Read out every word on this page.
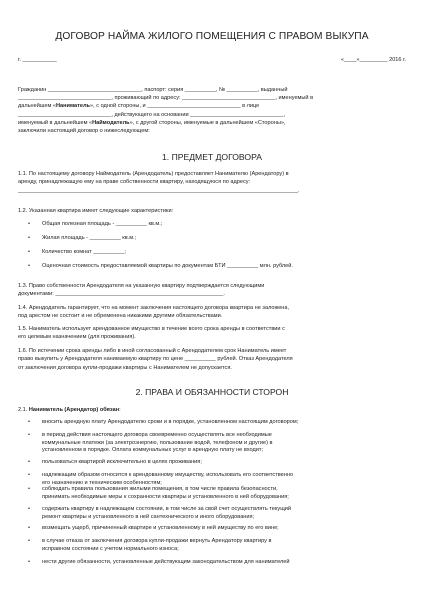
ДОГОВОР НАЙМА ЖИЛОГО ПОМЕЩЕНИЯ С ПРАВОМ ВЫКУПА
г. ___________	«____»_________ 2016 г.
Гражданин ______________________________, паспорт: серия __________, № __________, выданный
______________________________, проживающий по адресу: ______________________________, именуемый в
дальнейшем «Наниматель», с одной стороны, и ______________________________ в лице
______________________________, действующего на основании ______________________________,
именуемый в дальнейшем «Наймодатель», с другой стороны, именуемые в дальнейшем «Стороны»,
заключили настоящий договор о нижеследующем:
1. ПРЕДМЕТ ДОГОВОРА
1.1. По настоящему договору Наймодатель (Арендодатель) предоставляет Нанимателю (Арендатору) в
аренду, принадлежащую ему на праве собственности квартиру, находящуюся по адресу:
__________________________________________________________________________________________.
1.2. Указанная квартира имеет следующие характеристики:
• Общая полезная площадь - __________ кв.м.;
• Жилая площадь - __________ кв.м.;
• Количество комнат __________;
• Оценочная стоимость предоставляемой квартиры по документам БТИ __________ млн. рублей.
1.3. Право собственности Арендодателя на указанную квартиру подтверждается следующими
документами: ______________________________________________________.
1.4. Арендодатель гарантирует, что на момент заключения настоящего договора квартира не заложена,
под арестом не состоит и не обременена никакими другими обязательствами.
1.5. Наниматель использует арендованное имущество в течение всего срока аренды в соответствии с
его целевым назначением (для проживания).
1.6. По истечении срока аренды либо в иной согласованный с Арендодателем срок Наниматель имеет
право выкупить у Арендодателя нанимаемую квартиру по цене __________ рублей. Отказ Арендодателя
от заключения договора купли-продажи квартиры с Нанимателем не допускается.
2. ПРАВА И ОБЯЗАННОСТИ СТОРОН
2.1. Наниматель (Арендатор) обязан:
• вносить арендную плату Арендодателю сроки и в порядке, установленном настоящим договором;
• в период действия настоящего договора своевременно осуществлять все необходимые
коммунальные платежи (за электроэнергию, пользование водой, телефоном и другие) в
установленном в порядке. Оплата коммунальных услуг в арендную плату не входит;
• пользоваться квартирой исключительно в целях проживания;
• надлежащим образом относится к арендованному имуществу, использовать его соответственно
его назначению и техническим особенностям;
• соблюдать правила пользования жилыми помещения, в том числе правила безопасности,
принимать необходимые меры к сохранности квартиры и установленного в ней оборудования;
• содержать квартиру в надлежащем состоянии, в том числе за свой счет осуществлять текущий
ремонт квартиры и установленного в ней сантехнического и иного оборудования;
• возмещать ущерб, причиненный квартире и установленному в ней имуществу по его вине;
• в случае отказа от заключения договора купли-продажи вернуть Арендатору квартиру в
исправном состоянии с учетом нормального износа;
• нести другие обязанности, установленные действующим законодательством для нанимателей
